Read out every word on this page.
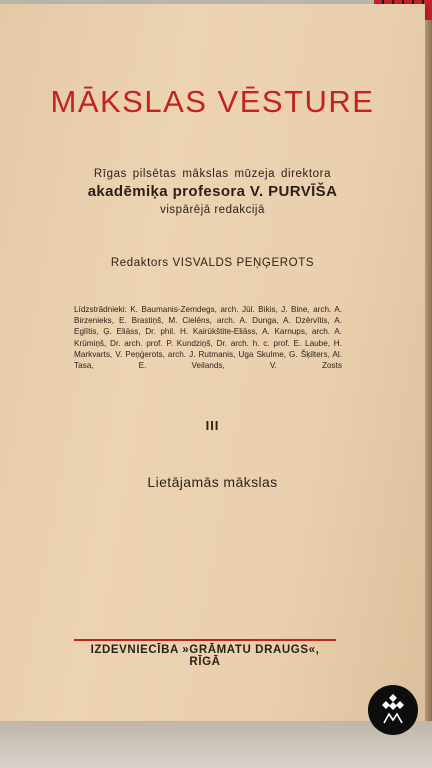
MĀKSLAS VĒSTURE
Rīgas pilsētas mākslas mūzeja direktora
akadēmiķa profesora V. PURVĪŠA
vispārējā redakcijā
Redaktors VISVALDS PEŅĢEROTS
Līdzstrādnieki: K. Baumanis-Zemdegs, arch. Jūl. Bikis, J. Bine, arch. A. Birzenieks, E. Brastiņš, M. Cielēns, arch. A. Dunga, A. Dzērvītis, A. Eglītis, Ģ. Eliāss, Dr. phil. H. Kairūkštite-Eliāss, A. Karnups, arch. A. Krūmiņš, Dr. arch. prof. P. Kundziņš, Dr. arch. h. c. prof. E. Laube, H. Markvarts, V. Peņģerots, arch. J. Rutmanis, Uga Skulme, G. Šķilters, Al. Tasa, E. Veilands, V. Zosts
III
Lietājamās mākslas
IZDEVNIECĪBA »GRĀMATU DRAUGS«, RĪGĀ
